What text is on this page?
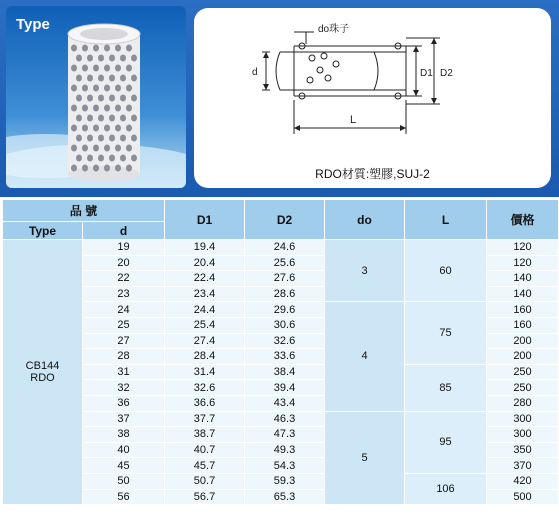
Type	do珠子
d	D1 D2
L
RDO材質:塑膠,SUJ-2
品 號		D1	D2	do	L	價格
Type	d					
CB144
RDO	19	19.4	24.6	3	60	120
	20	20.4	25.6			120
	22	22.4	27.6			140
	23	23.4	28.6			140
	24	24.4	29.6	4	75	160
	25	25.4	30.6			160
	27	27.4	32.6			200
	28	28.4	33.6			200
	31	31.4	38.4		85	250
	32	32.6	39.4			250
	36	36.6	43.4			280
	37	37.7	46.3	5	95	300
	38	38.7	47.3			300
	40	40.7	49.3			350
	45	45.7	54.3			370
	50	50.7	59.3		106	420
	56	56.7	65.3			500
